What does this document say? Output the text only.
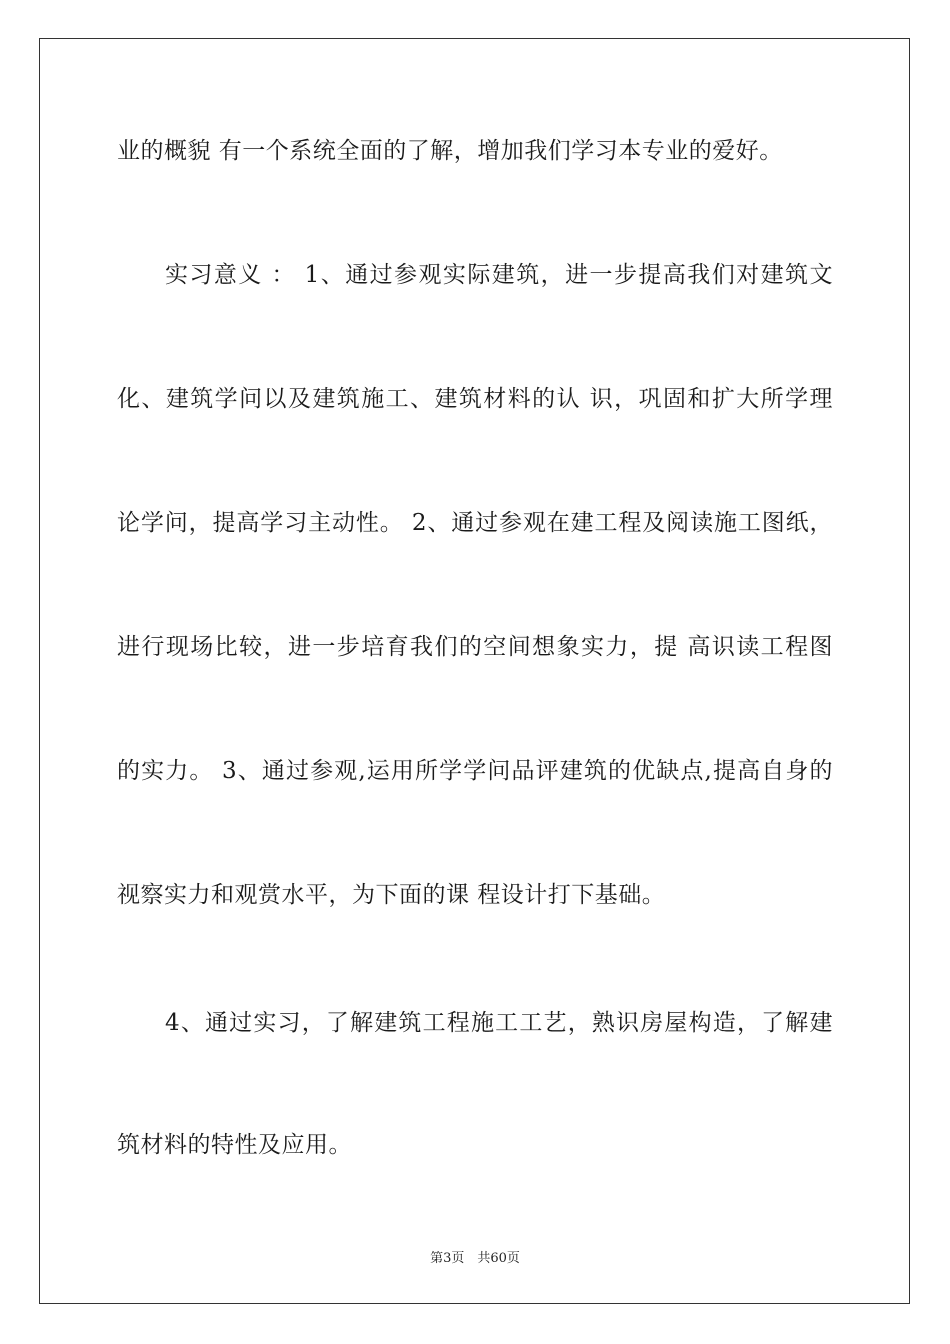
业的概貌 有一个系统全面的了解，增加我们学习本专业的爱好。
实习意义 ： 1、通过参观实际建筑，进一步提高我们对建筑文
化、建筑学问以及建筑施工、建筑材料的认 识，巩固和扩大所学理
论学问，提高学习主动性。 2、通过参观在建工程及阅读施工图纸，
进行现场比较，进一步培育我们的空间想象实力，提 高识读工程图
的实力。 3、通过参观,运用所学学问品评建筑的优缺点,提高自身的
视察实力和观赏水平，为下面的课 程设计打下基础。
4、通过实习，了解建筑工程施工工艺，熟识房屋构造，了解建
筑材料的特性及应用。
第3页　共60页
